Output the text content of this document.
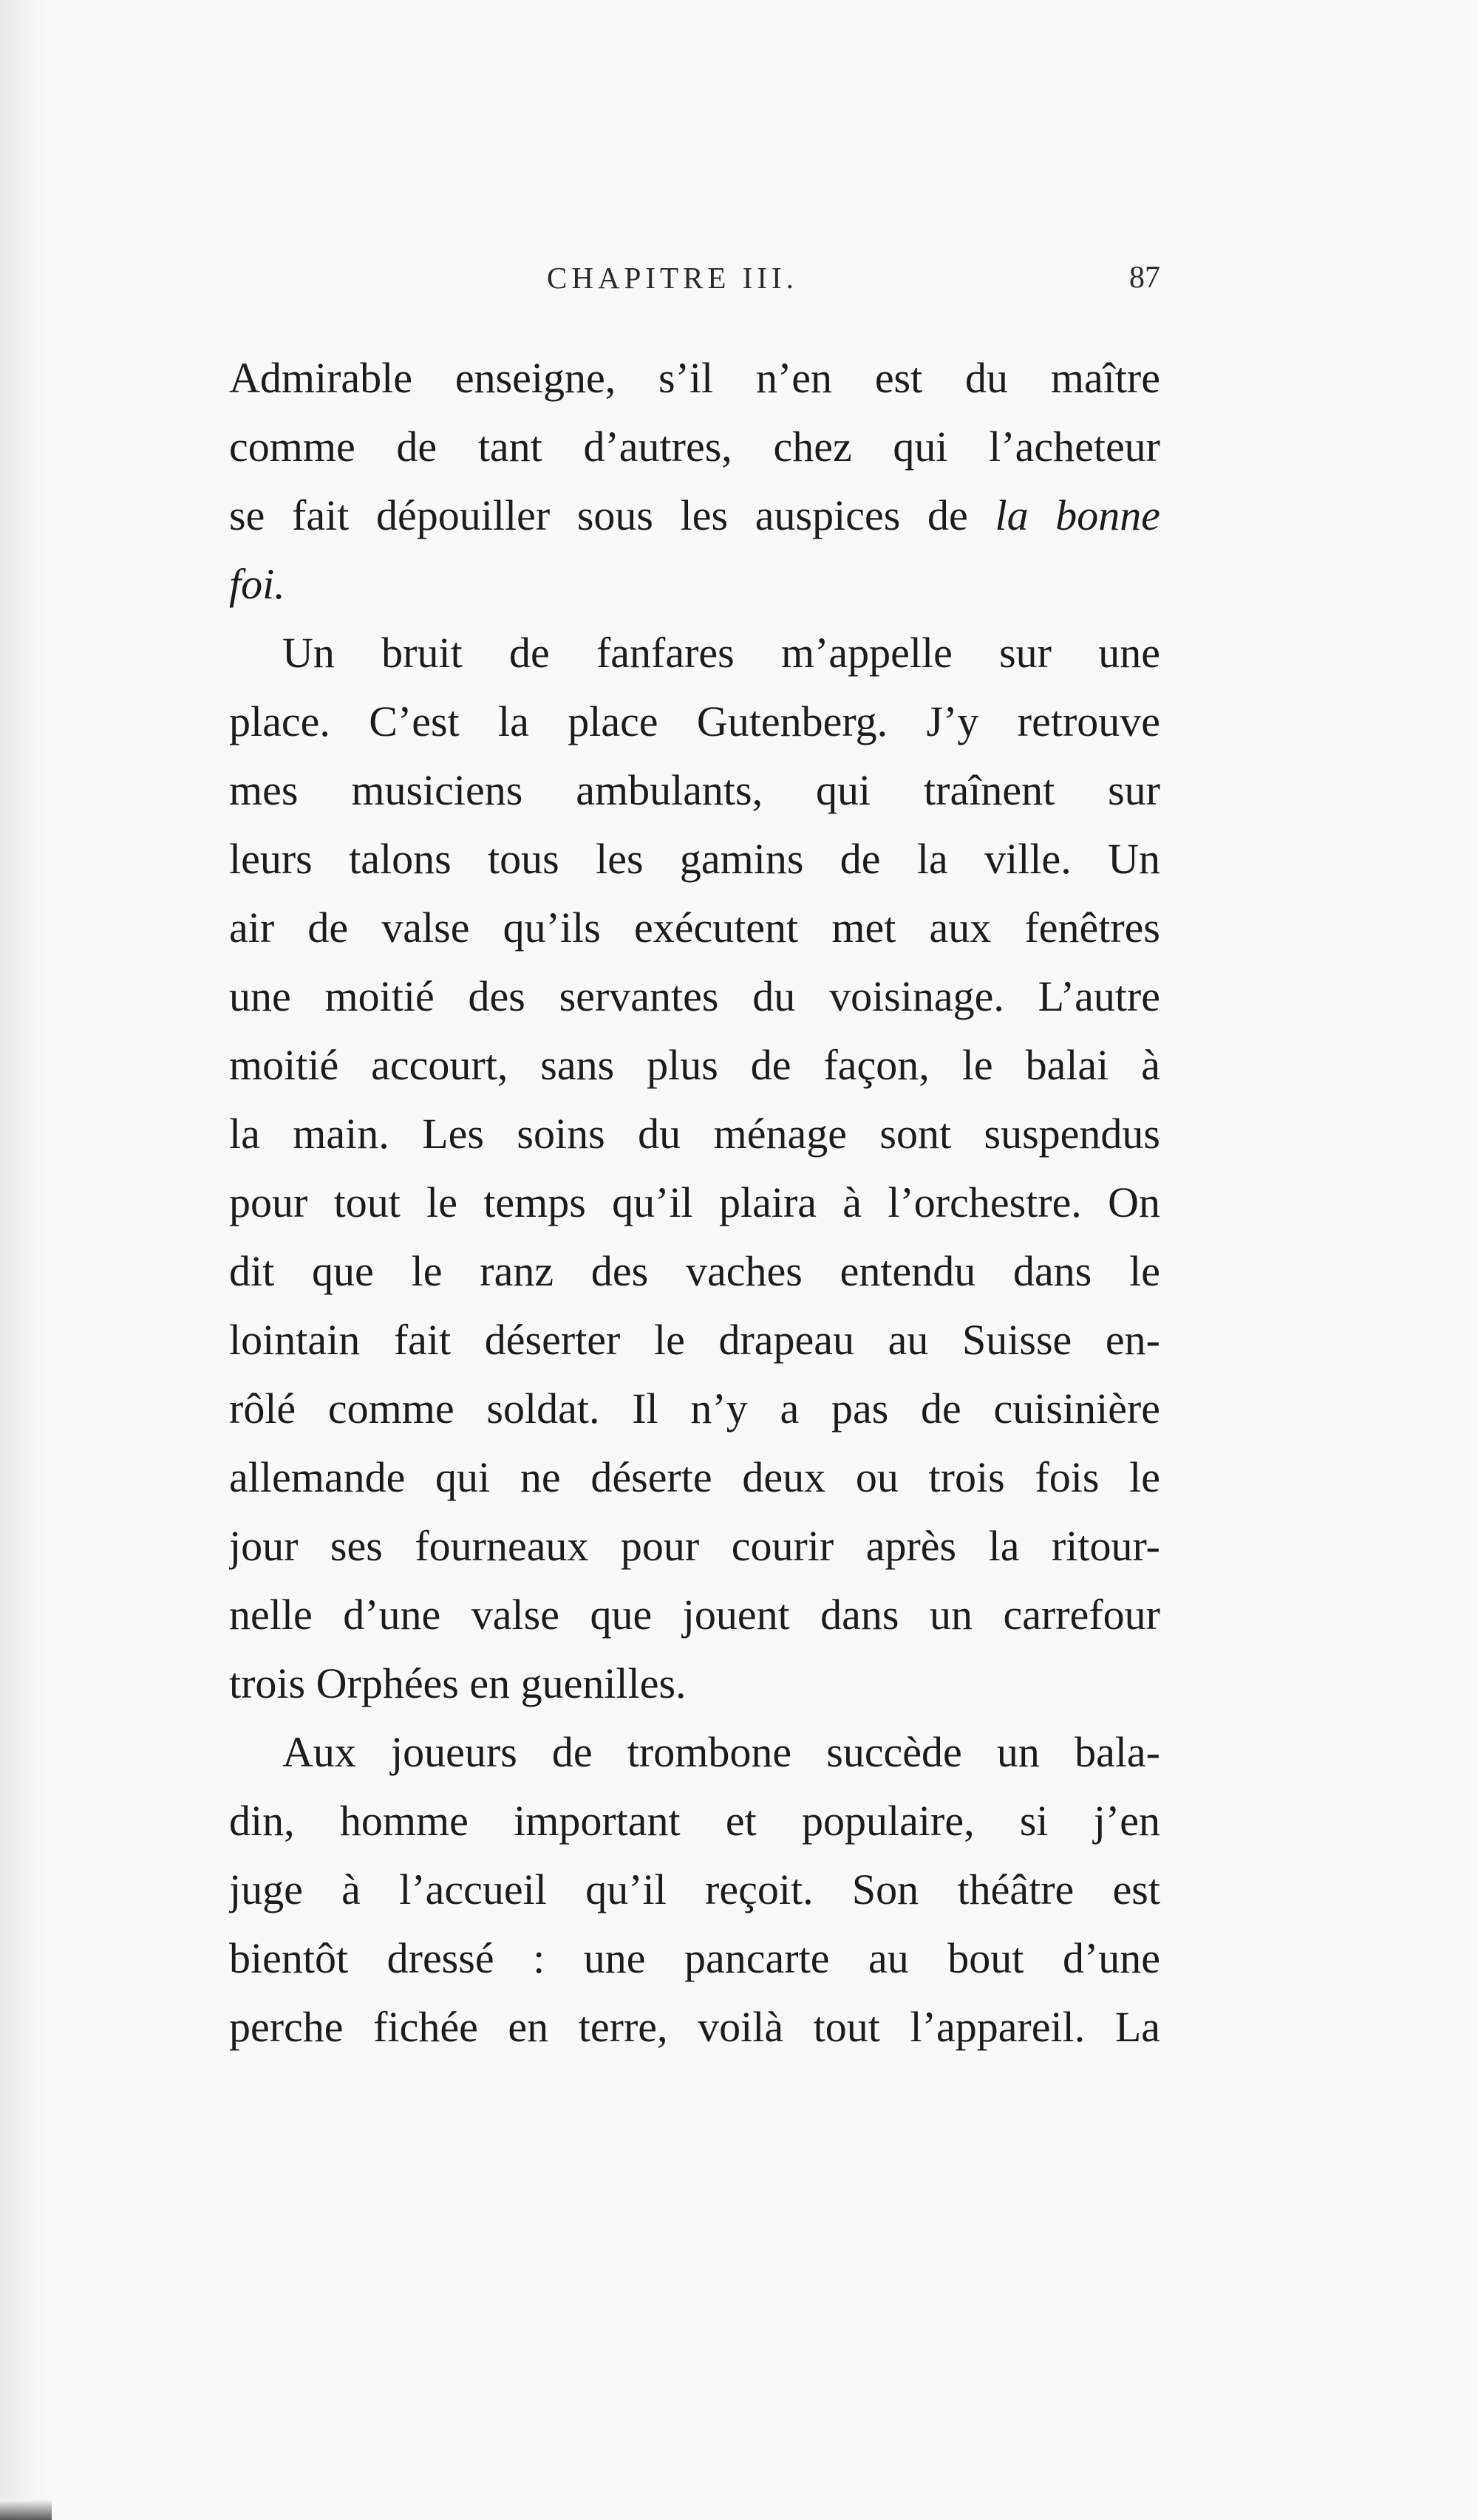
CHAPITRE III.	87
Admirable enseigne, s’il n’en est du maître
comme de tant d’autres, chez qui l’acheteur
se fait dépouiller sous les auspices de la bonne
foi.
Un bruit de fanfares m’appelle sur une
place. C’est la place Gutenberg. J’y retrouve
mes musiciens ambulants, qui traînent sur
leurs talons tous les gamins de la ville. Un
air de valse qu’ils exécutent met aux fenêtres
une moitié des servantes du voisinage. L’autre
moitié accourt, sans plus de façon, le balai à
la main. Les soins du ménage sont suspendus
pour tout le temps qu’il plaira à l’orchestre. On
dit que le ranz des vaches entendu dans le
lointain fait déserter le drapeau au Suisse en-
rôlé comme soldat. Il n’y a pas de cuisinière
allemande qui ne déserte deux ou trois fois le
jour ses fourneaux pour courir après la ritour-
nelle d’une valse que jouent dans un carrefour
trois Orphées en guenilles.
Aux joueurs de trombone succède un bala-
din, homme important et populaire, si j’en
juge à l’accueil qu’il reçoit. Son théâtre est
bientôt dressé : une pancarte au bout d’une
perche fichée en terre, voilà tout l’appareil. La
